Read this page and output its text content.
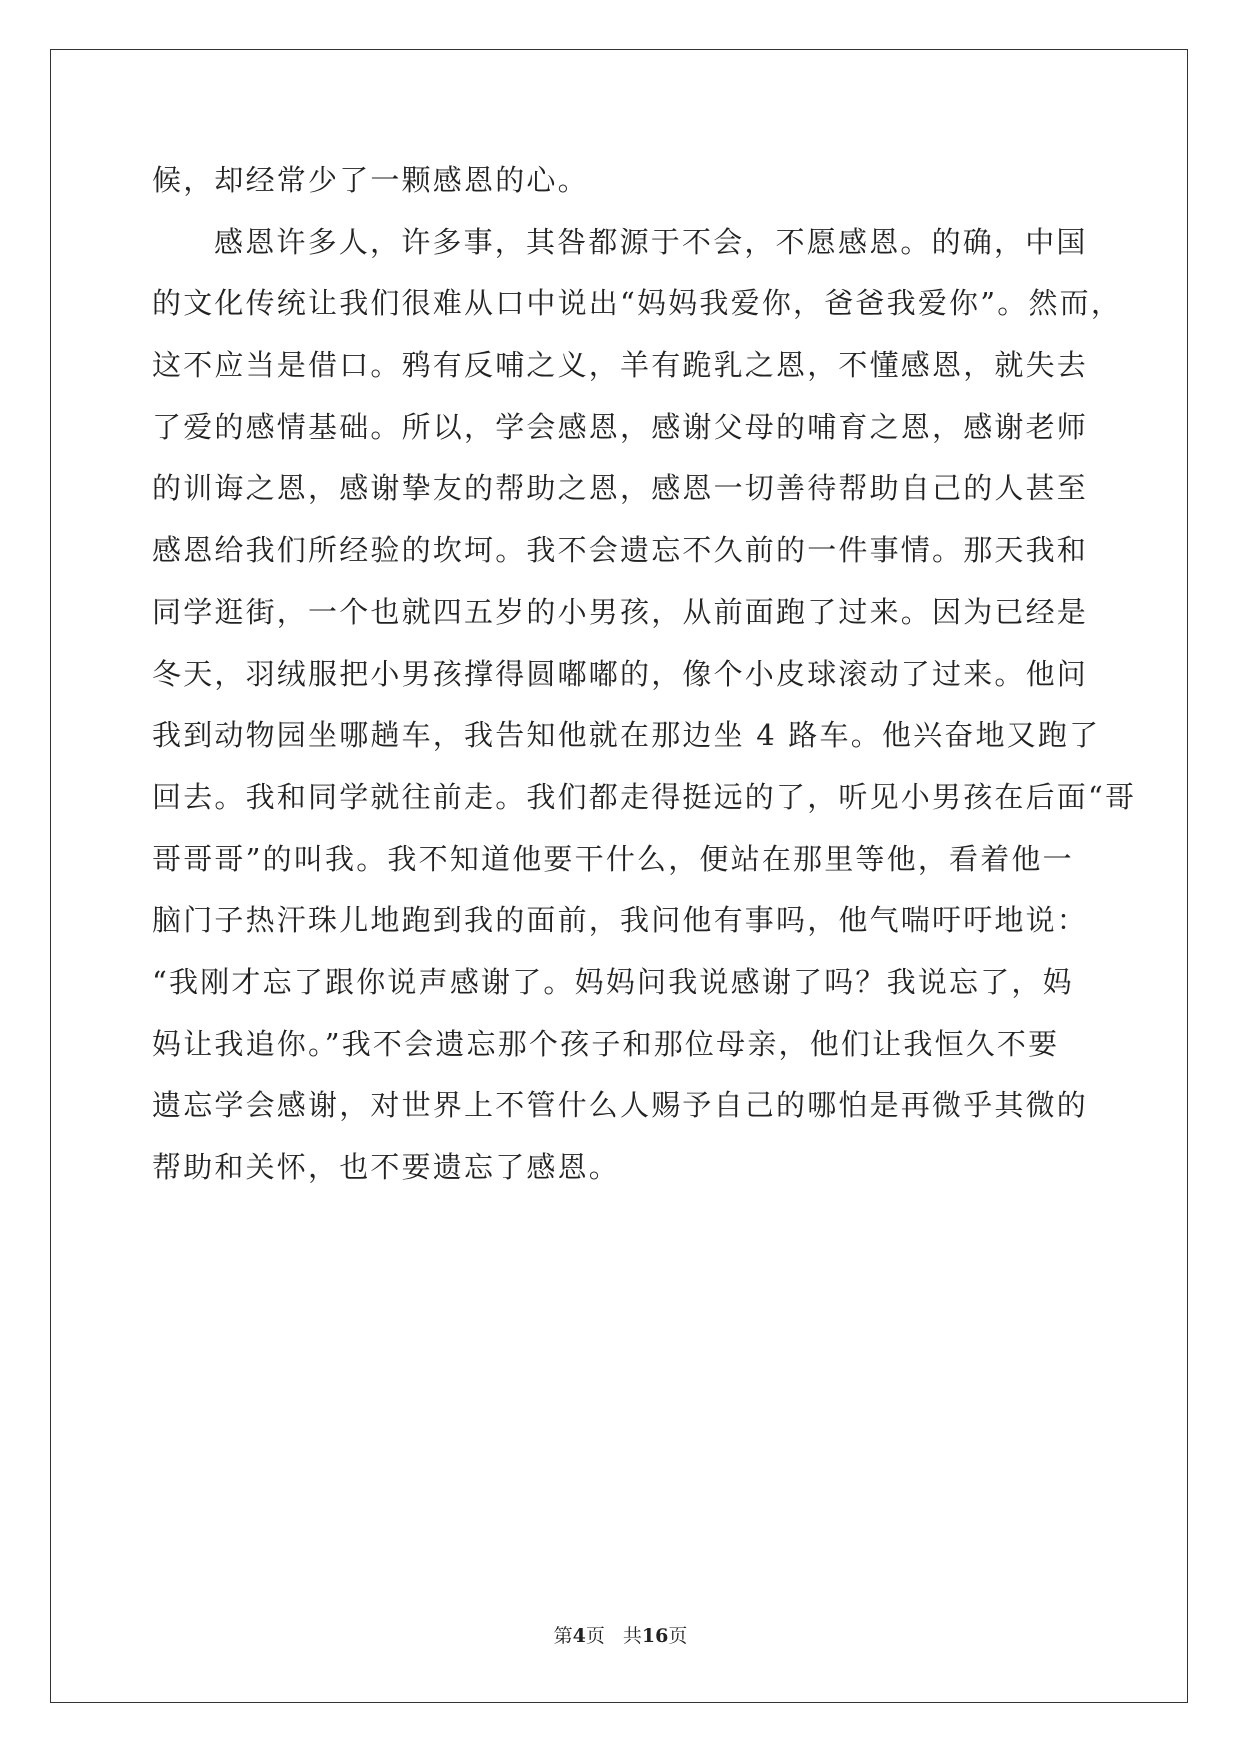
候，却经常少了一颗感恩的心。
感恩许多人，许多事，其咎都源于不会，不愿感恩。的确，中国
的文化传统让我们很难从口中说出“妈妈我爱你，爸爸我爱你”。然而，
这不应当是借口。鸦有反哺之义，羊有跪乳之恩，不懂感恩，就失去
了爱的感情基础。所以，学会感恩，感谢父母的哺育之恩，感谢老师
的训诲之恩，感谢挚友的帮助之恩，感恩一切善待帮助自己的人甚至
感恩给我们所经验的坎坷。我不会遗忘不久前的一件事情。那天我和
同学逛街，一个也就四五岁的小男孩，从前面跑了过来。因为已经是
冬天，羽绒服把小男孩撑得圆嘟嘟的，像个小皮球滚动了过来。他问
我到动物园坐哪趟车，我告知他就在那边坐 4 路车。他兴奋地又跑了
回去。我和同学就往前走。我们都走得挺远的了，听见小男孩在后面“哥
哥哥哥”的叫我。我不知道他要干什么，便站在那里等他，看着他一
脑门子热汗珠儿地跑到我的面前，我问他有事吗，他气喘吁吁地说：
“我刚才忘了跟你说声感谢了。妈妈问我说感谢了吗？我说忘了，妈
妈让我追你。”我不会遗忘那个孩子和那位母亲，他们让我恒久不要
遗忘学会感谢，对世界上不管什么人赐予自己的哪怕是再微乎其微的
帮助和关怀，也不要遗忘了感恩。
第4页 共16页
